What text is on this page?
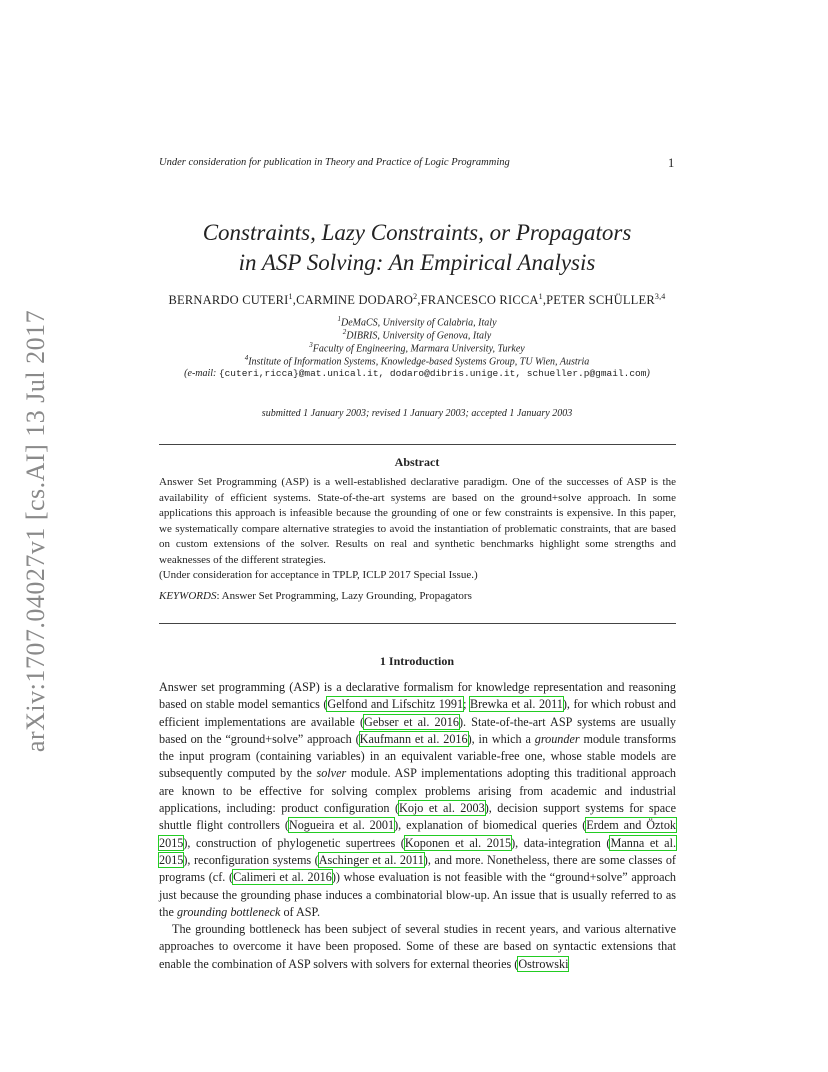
arXiv:1707.04027v1 [cs.AI] 13 Jul 2017
Under consideration for publication in Theory and Practice of Logic Programming	1
Constraints, Lazy Constraints, or Propagators
in ASP Solving: An Empirical Analysis
BERNARDO CUTERI$^1$,CARMINE DODARO$^2$,FRANCESCO RICCA$^1$,PETER SCHÜLLER$^{3,4}$
$^1$DeMaCS, University of Calabria, Italy
$^2$DIBRIS, University of Genova, Italy
$^3$Faculty of Engineering, Marmara University, Turkey
$^4$Institute of Information Systems, Knowledge-based Systems Group, TU Wien, Austria
(e-mail: {cuteri,ricca}@mat.unical.it, dodaro@dibris.unige.it, schueller.p@gmail.com)
submitted 1 January 2003; revised 1 January 2003; accepted 1 January 2003
Abstract

Answer Set Programming (ASP) is a well-established declarative paradigm. One of the successes of ASP is the availability of efficient systems. State-of-the-art systems are based on the ground+solve approach. In some applications this approach is infeasible because the grounding of one or few constraints is expensive. In this paper, we systematically compare alternative strategies to avoid the instantiation of problematic constraints, that are based on custom extensions of the solver. Results on real and synthetic benchmarks highlight some strengths and weaknesses of the different strategies.

(Under consideration for acceptance in TPLP, ICLP 2017 Special Issue.)

KEYWORDS: Answer Set Programming, Lazy Grounding, Propagators
1 Introduction

Answer set programming (ASP) is a declarative formalism for knowledge representation and reasoning based on stable model semantics (Gelfond and Lifschitz 1991; Brewka et al. 2011), for which robust and efficient implementations are available (Gebser et al. 2016). State-of-the-art ASP systems are usually based on the “ground+solve” approach (Kaufmann et al. 2016), in which a grounder module transforms the input program (containing variables) in an equivalent variable-free one, whose stable models are subsequently computed by the solver module. ASP implementations adopting this traditional approach are known to be effective for solving complex problems arising from academic and industrial applications, including: product configuration (Kojo et al. 2003), decision support systems for space shuttle flight controllers (Nogueira et al. 2001), explanation of biomedical queries (Erdem and Öztok 2015), construction of phylogenetic supertrees (Koponen et al. 2015), data-integration (Manna et al. 2015), reconfiguration systems (Aschinger et al. 2011), and more. Nonetheless, there are some classes of programs (cf. (Calimeri et al. 2016)) whose evaluation is not feasible with the “ground+solve” approach just because the grounding phase induces a combinatorial blow-up. An issue that is usually referred to as the grounding bottleneck of ASP.

The grounding bottleneck has been subject of several studies in recent years, and various alternative approaches to overcome it have been proposed. Some of these are based on syntactic extensions that enable the combination of ASP solvers with solvers for external theories (Ostrowski
